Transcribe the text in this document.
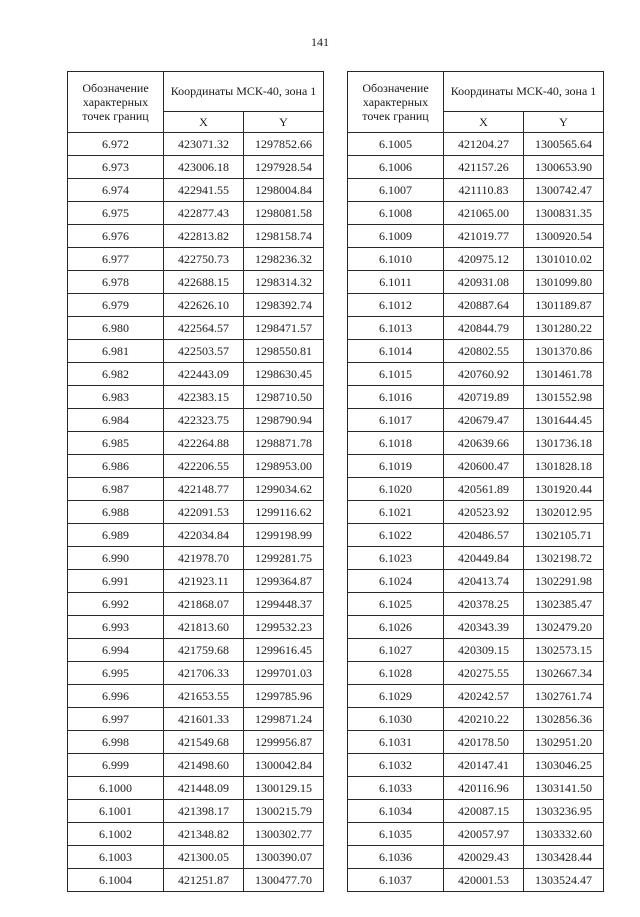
141
Обозначение характерных точек границ	Координаты МСК-40, зона 1	
	X	Y
6.972	423071.32	1297852.66
6.973	423006.18	1297928.54
6.974	422941.55	1298004.84
6.975	422877.43	1298081.58
6.976	422813.82	1298158.74
6.977	422750.73	1298236.32
6.978	422688.15	1298314.32
6.979	422626.10	1298392.74
6.980	422564.57	1298471.57
6.981	422503.57	1298550.81
6.982	422443.09	1298630.45
6.983	422383.15	1298710.50
6.984	422323.75	1298790.94
6.985	422264.88	1298871.78
6.986	422206.55	1298953.00
6.987	422148.77	1299034.62
6.988	422091.53	1299116.62
6.989	422034.84	1299198.99
6.990	421978.70	1299281.75
6.991	421923.11	1299364.87
6.992	421868.07	1299448.37
6.993	421813.60	1299532.23
6.994	421759.68	1299616.45
6.995	421706.33	1299701.03
6.996	421653.55	1299785.96
6.997	421601.33	1299871.24
6.998	421549.68	1299956.87
6.999	421498.60	1300042.84
6.1000	421448.09	1300129.15
6.1001	421398.17	1300215.79
6.1002	421348.82	1300302.77
6.1003	421300.05	1300390.07
6.1004	421251.87	1300477.70
Обозначение характерных точек границ	Координаты МСК-40, зона 1	
	X	Y
6.1005	421204.27	1300565.64
6.1006	421157.26	1300653.90
6.1007	421110.83	1300742.47
6.1008	421065.00	1300831.35
6.1009	421019.77	1300920.54
6.1010	420975.12	1301010.02
6.1011	420931.08	1301099.80
6.1012	420887.64	1301189.87
6.1013	420844.79	1301280.22
6.1014	420802.55	1301370.86
6.1015	420760.92	1301461.78
6.1016	420719.89	1301552.98
6.1017	420679.47	1301644.45
6.1018	420639.66	1301736.18
6.1019	420600.47	1301828.18
6.1020	420561.89	1301920.44
6.1021	420523.92	1302012.95
6.1022	420486.57	1302105.71
6.1023	420449.84	1302198.72
6.1024	420413.74	1302291.98
6.1025	420378.25	1302385.47
6.1026	420343.39	1302479.20
6.1027	420309.15	1302573.15
6.1028	420275.55	1302667.34
6.1029	420242.57	1302761.74
6.1030	420210.22	1302856.36
6.1031	420178.50	1302951.20
6.1032	420147.41	1303046.25
6.1033	420116.96	1303141.50
6.1034	420087.15	1303236.95
6.1035	420057.97	1303332.60
6.1036	420029.43	1303428.44
6.1037	420001.53	1303524.47
